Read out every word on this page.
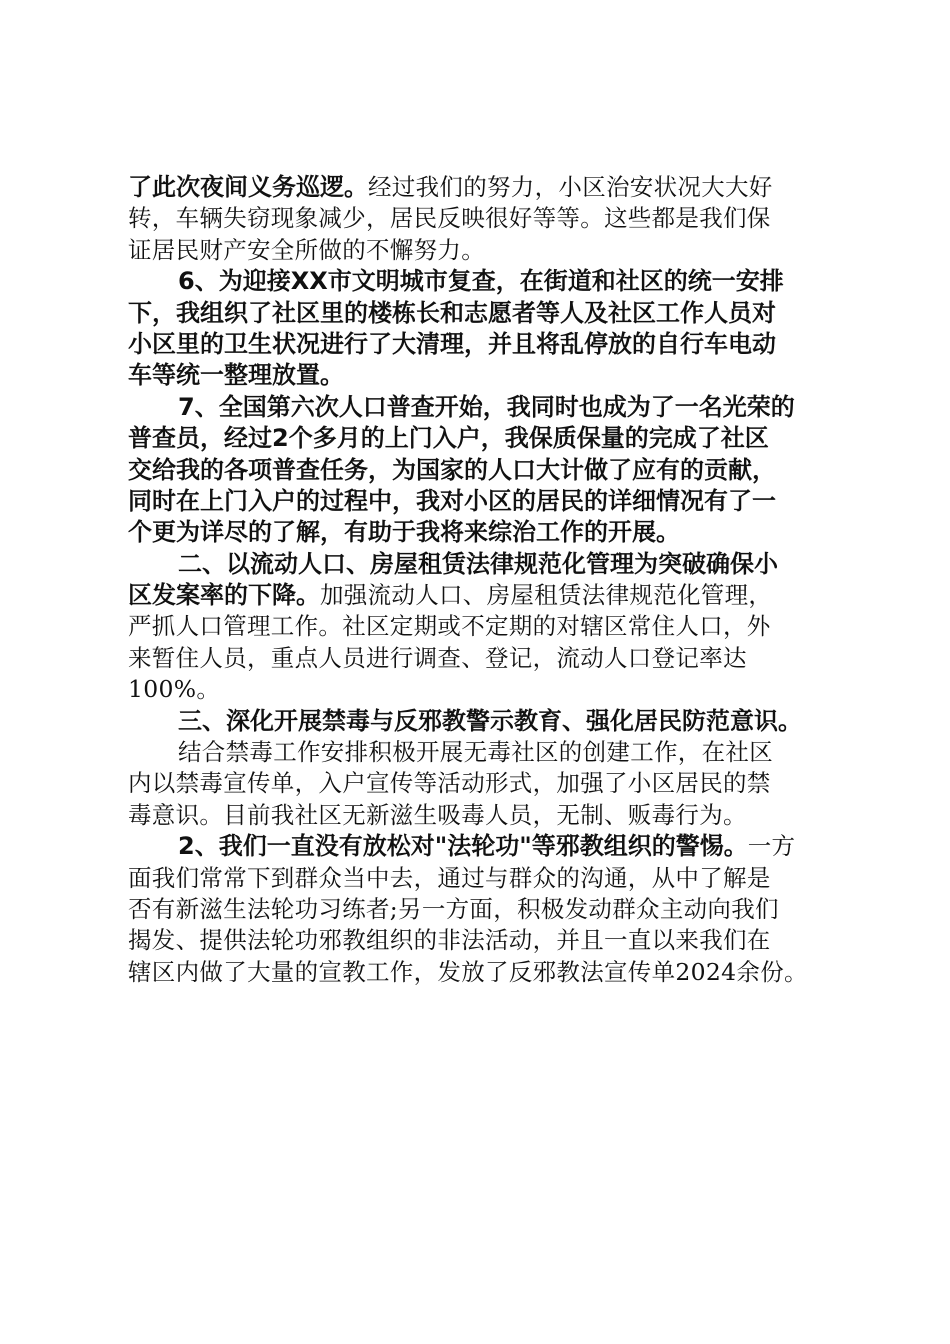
了此次夜间义务巡逻。经过我们的努力，小区治安状况大大好
转，车辆失窃现象减少，居民反映很好等等。这些都是我们保
证居民财产安全所做的不懈努力。
6、为迎接XX市文明城市复查，在街道和社区的统一安排
下，我组织了社区里的楼栋长和志愿者等人及社区工作人员对
小区里的卫生状况进行了大清理，并且将乱停放的自行车电动
车等统一整理放置。
7、全国第六次人口普查开始，我同时也成为了一名光荣的
普查员，经过2个多月的上门入户，我保质保量的完成了社区
交给我的各项普查任务，为国家的人口大计做了应有的贡献，
同时在上门入户的过程中，我对小区的居民的详细情况有了一
个更为详尽的了解，有助于我将来综治工作的开展。
二、以流动人口、房屋租赁法律规范化管理为突破确保小
区发案率的下降。加强流动人口、房屋租赁法律规范化管理，
严抓人口管理工作。社区定期或不定期的对辖区常住人口，外
来暂住人员，重点人员进行调查、登记，流动人口登记率达
100%。
三、深化开展禁毒与反邪教警示教育、强化居民防范意识。
结合禁毒工作安排积极开展无毒社区的创建工作，在社区
内以禁毒宣传单，入户宣传等活动形式，加强了小区居民的禁
毒意识。目前我社区无新滋生吸毒人员，无制、贩毒行为。
2、我们一直没有放松对"法轮功"等邪教组织的警惕。一方
面我们常常下到群众当中去，通过与群众的沟通，从中了解是
否有新滋生法轮功习练者;另一方面，积极发动群众主动向我们
揭发、提供法轮功邪教组织的非法活动，并且一直以来我们在
辖区内做了大量的宣教工作，发放了反邪教法宣传单2024余份。
